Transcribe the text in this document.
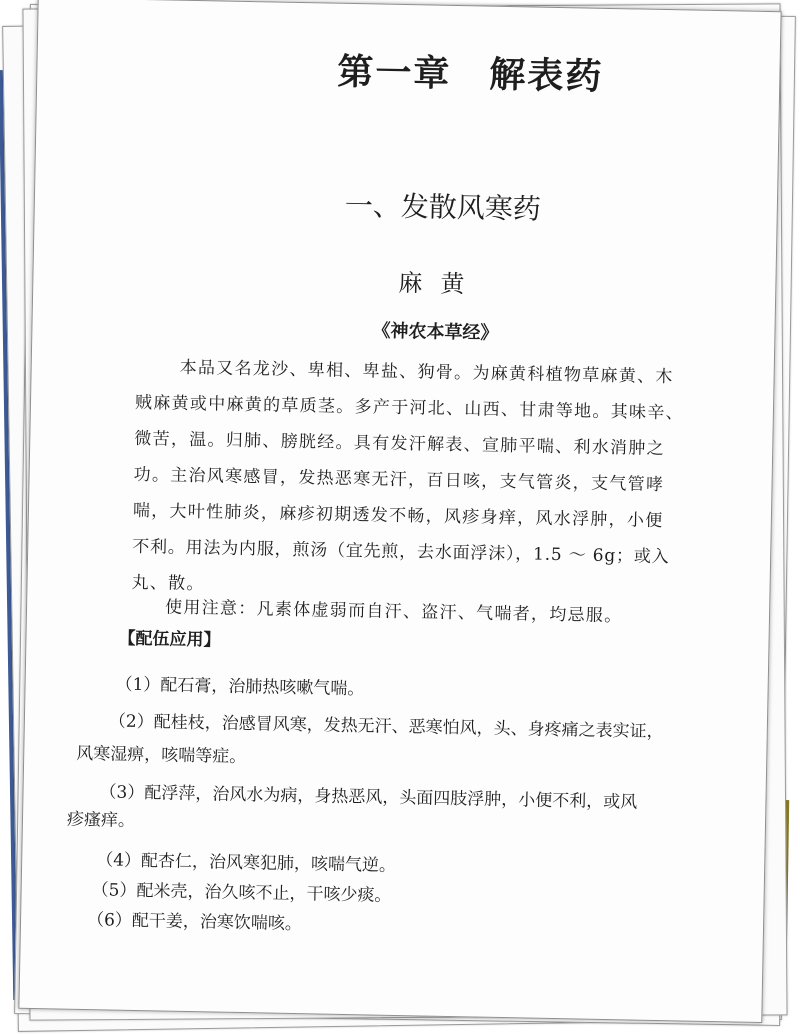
第一章　解表药
一、发散风寒药
麻黄
《神农本草经》
本品又名龙沙、卑相、卑盐、狗骨。为麻黄科植物草麻黄、木
贼麻黄或中麻黄的草质茎。多产于河北、山西、甘肃等地。其味辛、
微苦，温。归肺、膀胱经。具有发汗解表、宣肺平喘、利水消肿之
功。主治风寒感冒，发热恶寒无汗，百日咳，支气管炎，支气管哮
喘，大叶性肺炎，麻疹初期透发不畅，风疹身痒，风水浮肿，小便
不利。用法为内服，煎汤（宜先煎，去水面浮沫），1.5 ～ 6g；或入
丸、散。
使用注意：凡素体虚弱而自汗、盗汗、气喘者，均忌服。
【配伍应用】
（1）配石膏，治肺热咳嗽气喘。
（2）配桂枝，治感冒风寒，发热无汗、恶寒怕风，头、身疼痛之表实证，
风寒湿痹，咳喘等症。
（3）配浮萍，治风水为病，身热恶风，头面四肢浮肿，小便不利，或风
疹瘙痒。
（4）配杏仁，治风寒犯肺，咳喘气逆。
（5）配米壳，治久咳不止，干咳少痰。
（6）配干姜，治寒饮喘咳。
